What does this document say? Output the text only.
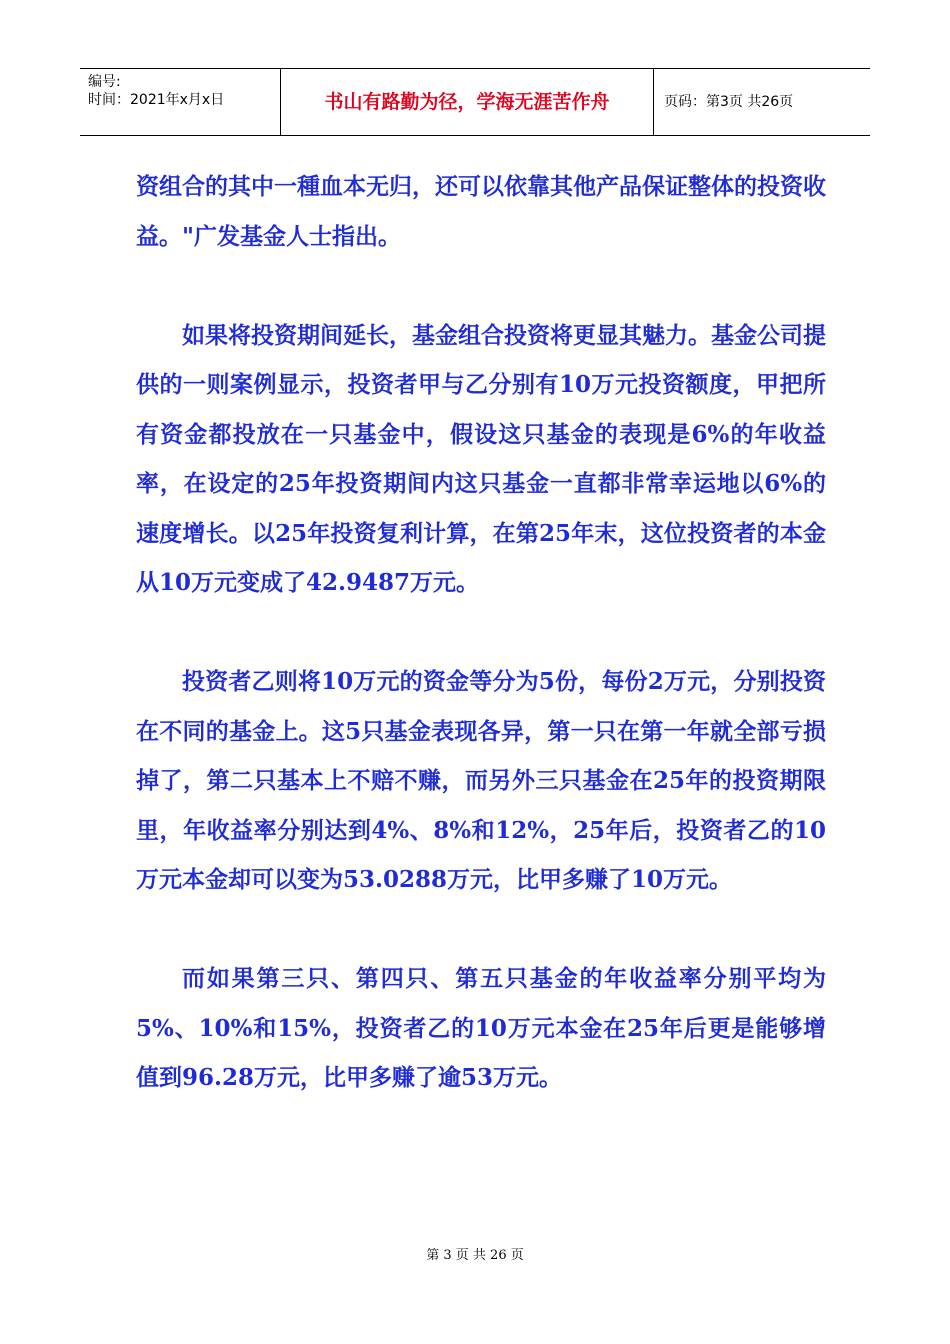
编号:
时间：2021年x月x日	书山有路勤为径，学海无涯苦作舟	页码：第3页 共26页

资组合的其中一種血本无归，还可以依靠其他产品保证整体的投资收益。"广发基金人士指出。

如果将投资期间延长，基金组合投资将更显其魅力。基金公司提供的一则案例显示，投资者甲与乙分别有10万元投资额度，甲把所有资金都投放在一只基金中，假设这只基金的表现是6%的年收益率，在设定的25年投资期间内这只基金一直都非常幸运地以6%的速度增长。以25年投资复利计算，在第25年末，这位投资者的本金从10万元变成了42.9487万元。

投资者乙则将10万元的资金等分为5份，每份2万元，分别投资在不同的基金上。这5只基金表现各异，第一只在第一年就全部亏损掉了，第二只基本上不赔不赚，而另外三只基金在25年的投资期限里，年收益率分别达到4%、8%和12%，25年后，投资者乙的10万元本金却可以变为53.0288万元，比甲多赚了10万元。

而如果第三只、第四只、第五只基金的年收益率分别平均为5%、10%和15%，投资者乙的10万元本金在25年后更是能够增值到96.28万元，比甲多赚了逾53万元。

第 3 页 共 26 页
